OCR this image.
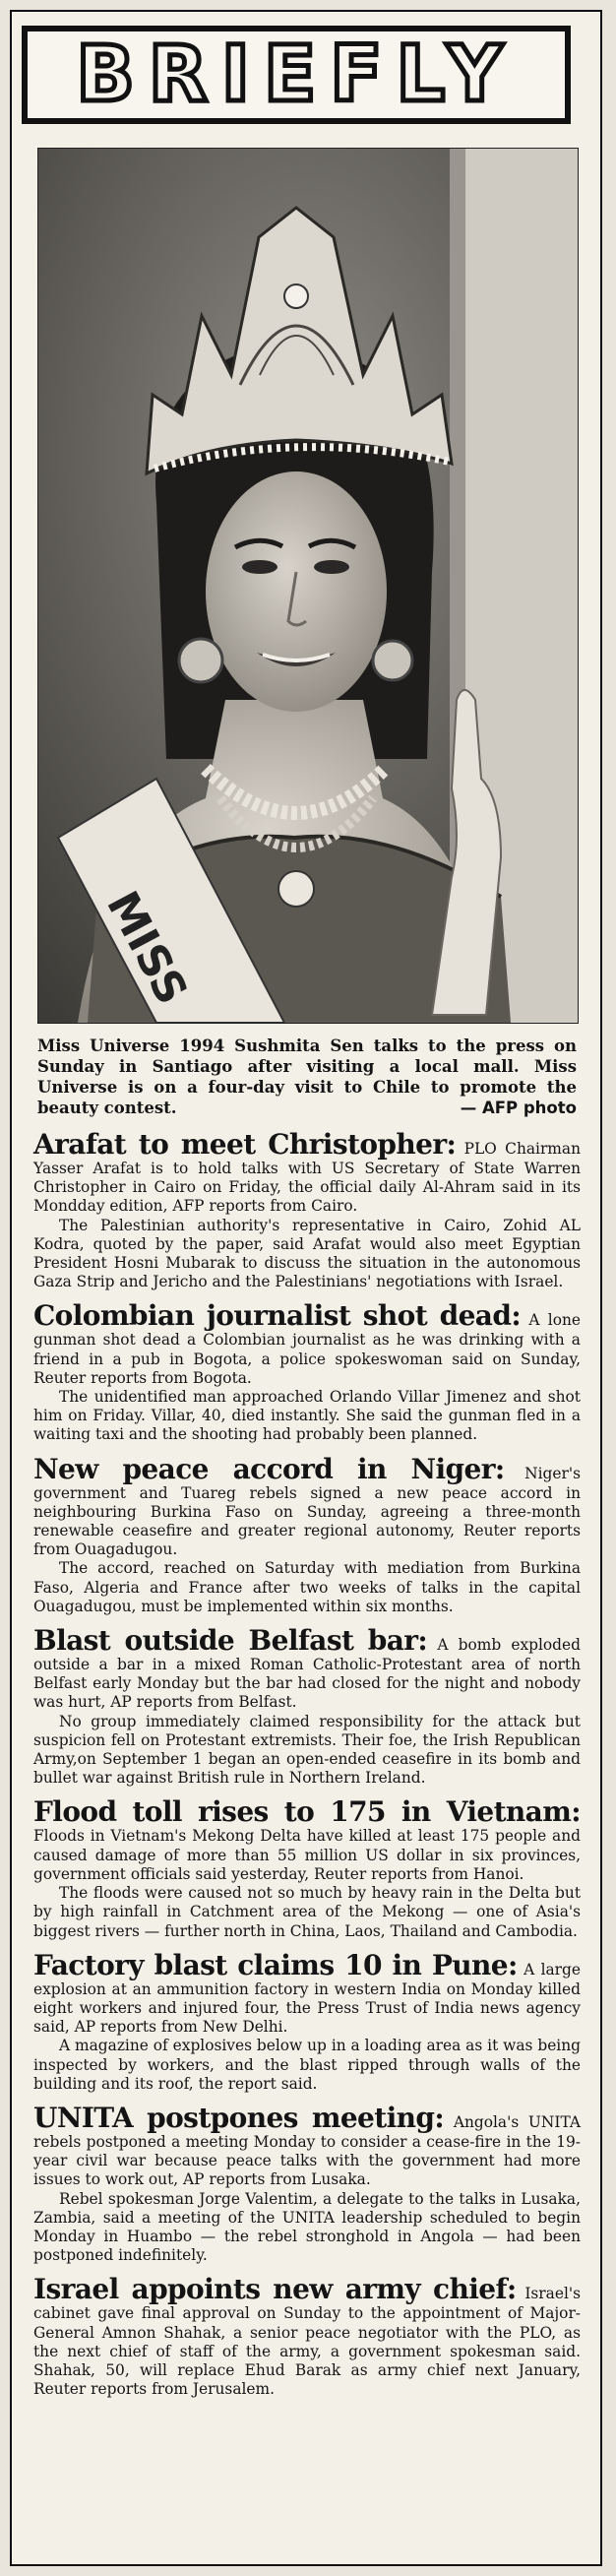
BRIEFLY
MISS

Miss Universe 1994 Sushmita Sen talks to the press on Sunday in Santiago after visiting a local mall. Miss Universe is on a four-day visit to Chile to promote the beauty contest.	— AFP photo

Arafat to meet Christopher: PLO Chairman Yasser Arafat is to hold talks with US Secretary of State Warren Christopher in Cairo on Friday, the official daily Al-Ahram said in its Mondday edition, AFP reports from Cairo.

The Palestinian authority's representative in Cairo, Zohid AL Kodra, quoted by the paper, said Arafat would also meet Egyptian President Hosni Mubarak to discuss the situation in the autonomous Gaza Strip and Jericho and the Palestinians' negotiations with Israel.

Colombian journalist shot dead: A lone gunman shot dead a Colombian journalist as he was drinking with a friend in a pub in Bogota, a police spokeswoman said on Sunday, Reuter reports from Bogota.

The unidentified man approached Orlando Villar Jimenez and shot him on Friday. Villar, 40, died instantly. She said the gunman fled in a waiting taxi and the shooting had probably been planned.

New peace accord in Niger: Niger's government and Tuareg rebels signed a new peace accord in neighbouring Burkina Faso on Sunday, agreeing a three-month renewable ceasefire and greater regional autonomy, Reuter reports from Ouagadugou.

The accord, reached on Saturday with mediation from Burkina Faso, Algeria and France after two weeks of talks in the capital Ouagadugou, must be implemented within six months.

Blast outside Belfast bar: A bomb exploded outside a bar in a mixed Roman Catholic-Protestant area of north Belfast early Monday but the bar had closed for the night and nobody was hurt, AP reports from Belfast.

No group immediately claimed responsibility for the attack but suspicion fell on Protestant extremists. Their foe, the Irish Republican Army,on September 1 began an open-ended ceasefire in its bomb and bullet war against British rule in Northern Ireland.

Flood toll rises to 175 in Vietnam: Floods in Vietnam's Mekong Delta have killed at least 175 people and caused damage of more than 55 million US dollar in six provinces, government officials said yesterday, Reuter reports from Hanoi.

The floods were caused not so much by heavy rain in the Delta but by high rainfall in Catchment area of the Mekong — one of Asia's biggest rivers — further north in China, Laos, Thailand and Cambodia.

Factory blast claims 10 in Pune: A large explosion at an ammunition factory in western India on Monday killed eight workers and injured four, the Press Trust of India news agency said, AP reports from New Delhi.

A magazine of explosives below up in a loading area as it was being inspected by workers, and the blast ripped through walls of the building and its roof, the report said.

UNITA postpones meeting: Angola's UNITA rebels postponed a meeting Monday to consider a cease-fire in the 19-year civil war because peace talks with the government had more issues to work out, AP reports from Lusaka.

Rebel spokesman Jorge Valentim, a delegate to the talks in Lusaka, Zambia, said a meeting of the UNITA leadership scheduled to begin Monday in Huambo — the rebel stronghold in Angola — had been postponed indefinitely.

Israel appoints new army chief: Israel's cabinet gave final approval on Sunday to the appointment of Major-General Amnon Shahak, a senior peace negotiator with the PLO, as the next chief of staff of the army, a government spokesman said. Shahak, 50, will replace Ehud Barak as army chief next January, Reuter reports from Jerusalem.
